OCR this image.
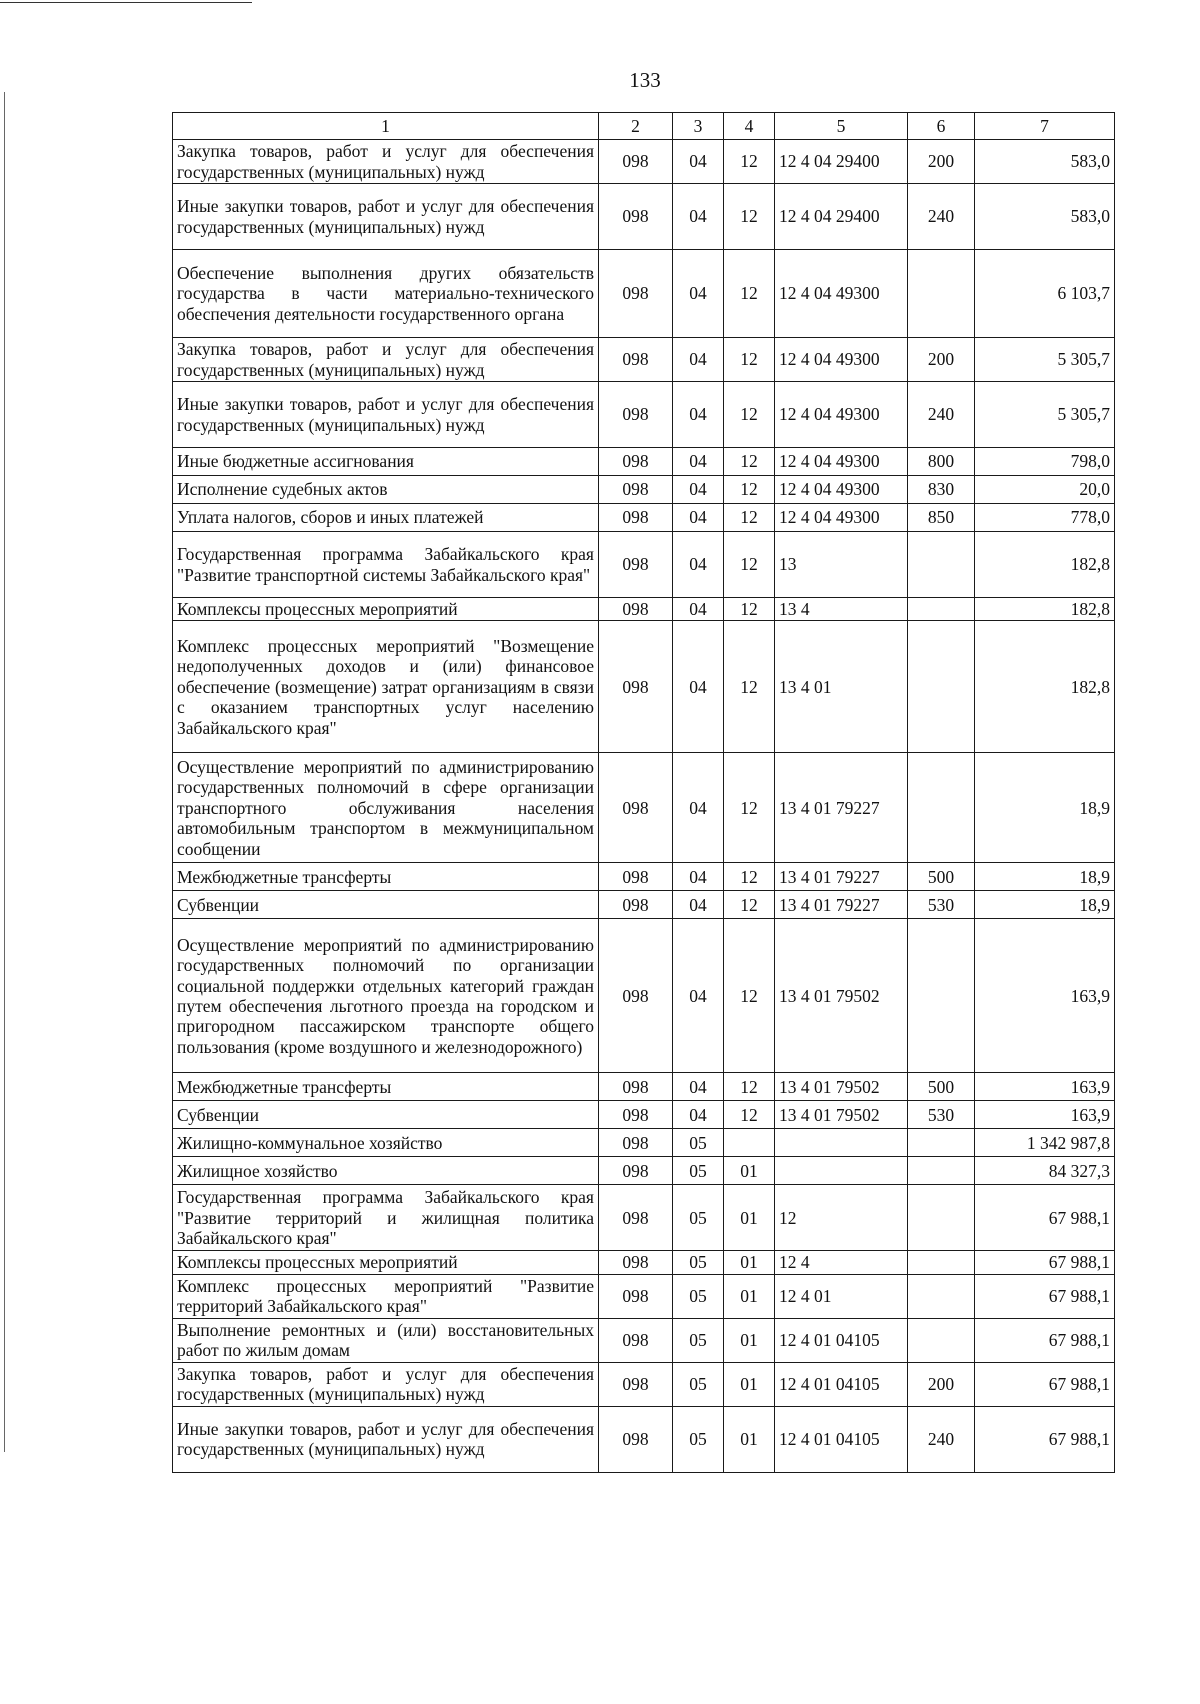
133
1	2	3	4	5	6	7
Закупка товаров, работ и услуг для обеспечения государственных (муниципальных) нужд	098	04	12	12 4 04 29400	200	583,0
Иные закупки товаров, работ и услуг для обеспечения государственных (муниципальных) нужд	098	04	12	12 4 04 29400	240	583,0
Обеспечение выполнения других обязательств государства в части материально-технического обеспечения деятельности государственного органа	098	04	12	12 4 04 49300		6 103,7
Закупка товаров, работ и услуг для обеспечения государственных (муниципальных) нужд	098	04	12	12 4 04 49300	200	5 305,7
Иные закупки товаров, работ и услуг для обеспечения государственных (муниципальных) нужд	098	04	12	12 4 04 49300	240	5 305,7
Иные бюджетные ассигнования	098	04	12	12 4 04 49300	800	798,0
Исполнение судебных актов	098	04	12	12 4 04 49300	830	20,0
Уплата налогов, сборов и иных платежей	098	04	12	12 4 04 49300	850	778,0
Государственная программа Забайкальского края "Развитие транспортной системы Забайкальского края"	098	04	12	13		182,8
Комплексы процессных мероприятий	098	04	12	13 4		182,8
Комплекс процессных мероприятий "Возмещение недополученных доходов и (или) финансовое обеспечение (возмещение) затрат организациям в связи с оказанием транспортных услуг населению Забайкальского края"	098	04	12	13 4 01		182,8
Осуществление мероприятий по администрированию государственных полномочий в сфере организации транспортного обслуживания населения автомобильным транспортом в межмуниципальном сообщении	098	04	12	13 4 01 79227		18,9
Межбюджетные трансферты	098	04	12	13 4 01 79227	500	18,9
Субвенции	098	04	12	13 4 01 79227	530	18,9
Осуществление мероприятий по администрированию государственных полномочий по организации социальной поддержки отдельных категорий граждан путем обеспечения льготного проезда на городском и пригородном пассажирском транспорте общего пользования (кроме воздушного и железнодорожного)	098	04	12	13 4 01 79502		163,9
Межбюджетные трансферты	098	04	12	13 4 01 79502	500	163,9
Субвенции	098	04	12	13 4 01 79502	530	163,9
Жилищно-коммунальное хозяйство	098	05				1 342 987,8
Жилищное хозяйство	098	05	01			84 327,3
Государственная программа Забайкальского края "Развитие территорий и жилищная политика Забайкальского края"	098	05	01	12		67 988,1
Комплексы процессных мероприятий	098	05	01	12 4		67 988,1
Комплекс процессных мероприятий "Развитие территорий Забайкальского края"	098	05	01	12 4 01		67 988,1
Выполнение ремонтных и (или) восстановительных работ по жилым домам	098	05	01	12 4 01 04105		67 988,1
Закупка товаров, работ и услуг для обеспечения государственных (муниципальных) нужд	098	05	01	12 4 01 04105	200	67 988,1
Иные закупки товаров, работ и услуг для обеспечения государственных (муниципальных) нужд	098	05	01	12 4 01 04105	240	67 988,1
